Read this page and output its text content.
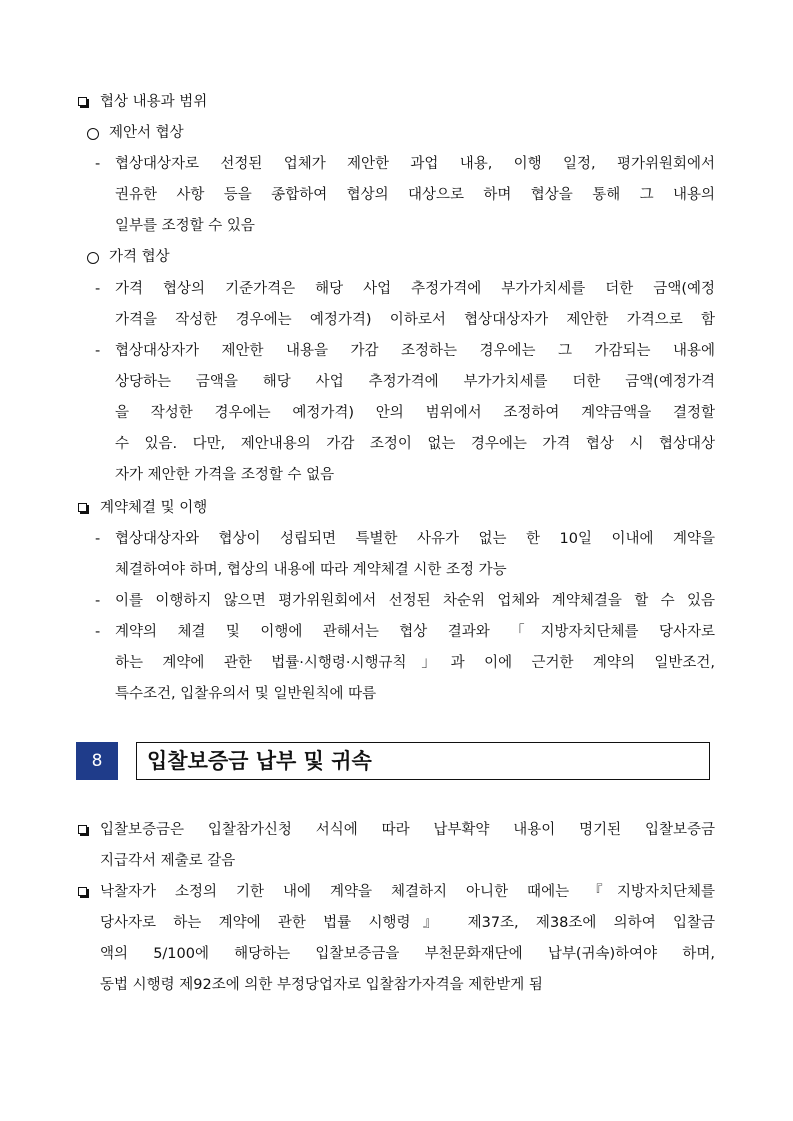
협상 내용과 범위
제안서 협상
- 협상대상자로 선정된 업체가 제안한 과업 내용, 이행 일정, 평가위원회에서
권유한 사항 등을 종합하여 협상의 대상으로 하며 협상을 통해 그 내용의
일부를 조정할 수 있음
가격 협상
- 가격 협상의 기준가격은 해당 사업 추정가격에 부가가치세를 더한 금액(예정
가격을 작성한 경우에는 예정가격) 이하로서 협상대상자가 제안한 가격으로 함
- 협상대상자가 제안한 내용을 가감 조정하는 경우에는 그 가감되는 내용에
상당하는 금액을 해당 사업 추정가격에 부가가치세를 더한 금액(예정가격
을 작성한 경우에는 예정가격) 안의 범위에서 조정하여 계약금액을 결정할
수 있음. 다만, 제안내용의 가감 조정이 없는 경우에는 가격 협상 시 협상대상
자가 제안한 가격을 조정할 수 없음
계약체결 및 이행
- 협상대상자와 협상이 성립되면 특별한 사유가 없는 한 10일 이내에 계약을
체결하여야 하며, 협상의 내용에 따라 계약체결 시한 조정 가능
- 이를 이행하지 않으면 평가위원회에서 선정된 차순위 업체와 계약체결을 할 수 있음
- 계약의 체결 및 이행에 관해서는 협상 결과와 「지방자치단체를 당사자로
하는 계약에 관한 법률·시행령·시행규칙」과 이에 근거한 계약의 일반조건,
특수조건, 입찰유의서 및 일반원칙에 따름
8	입찰보증금 납부 및 귀속
입찰보증금은 입찰참가신청 서식에 따라 납부확약 내용이 명기된 입찰보증금
지급각서 제출로 갈음
낙찰자가 소정의 기한 내에 계약을 체결하지 아니한 때에는 『지방자치단체를
당사자로 하는 계약에 관한 법률 시행령』 제37조, 제38조에 의하여 입찰금
액의 5/100에 해당하는 입찰보증금을 부천문화재단에 납부(귀속)하여야 하며,
동법 시행령 제92조에 의한 부정당업자로 입찰참가자격을 제한받게 됨
